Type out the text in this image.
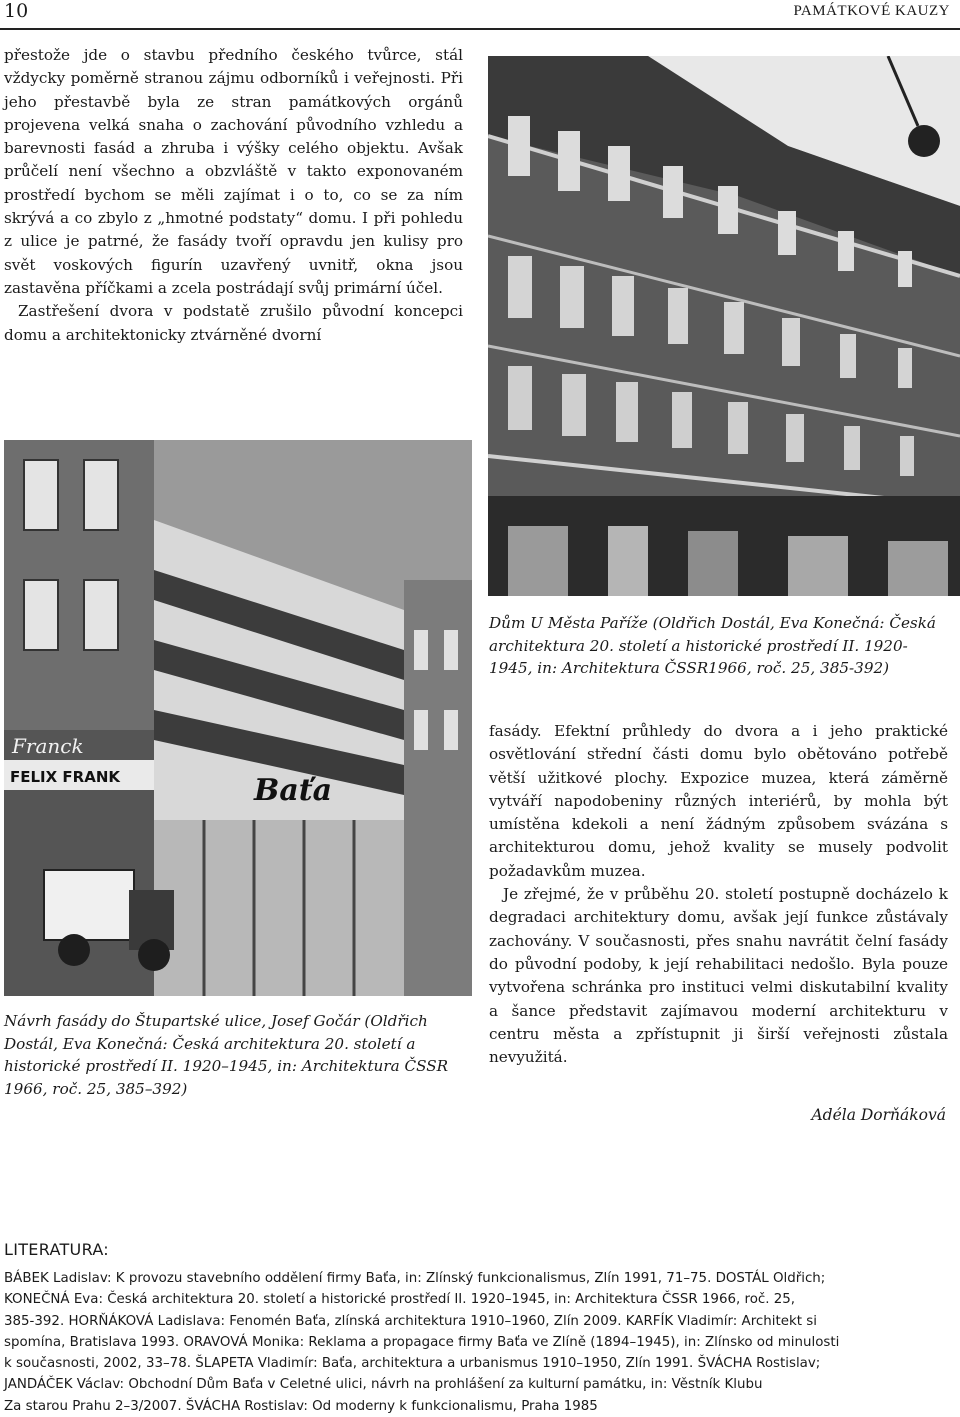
10	PAMÁTKOVÉ KAUZY

přestože jde o stavbu předního českého tvůrce, stál vždycky poměrně stranou zájmu odborníků i veřejnosti. Při jeho přestavbě byla ze stran památkových orgánů projevena velká snaha o zachování původního vzhledu a barevnosti fasád a zhruba i výšky celého objektu. Avšak průčelí není všechno a obzvláště v takto exponovaném prostředí bychom se měli zajímat i o to, co se za ním skrývá a co zbylo z „hmotné podstaty“ domu. I při pohledu z ulice je patrné, že fasády tvoří opravdu jen kulisy pro svět voskových figurín uzavřený uvnitř, okna jsou zastavěna příčkami a zcela postrádají svůj primární účel.

Zastřešení dvora v podstatě zrušilo původní koncepci domu a architektonicky ztvárněné dvorní

Dům U Města Paříže (Oldřich Dostál, Eva Konečná: Česká architektura 20. století a historické prostředí II. 1920-1945, in: Architektura ČSSR1966, roč. 25, 385-392)
Franck
FELIX FRANK	Baťa
Návrh fasády do Štupartské ulice, Josef Gočár (Oldřich Dostál, Eva Konečná: Česká architektura 20. století a historické prostředí II. 1920–1945, in: Architektura ČSSR 1966, roč. 25, 385–392)

fasády. Efektní průhledy do dvora a i jeho praktické osvětlování střední části domu bylo obětováno potřebě větší užitkové plochy. Expozice muzea, která záměrně vytváří napodobeniny různých interiérů, by mohla být umístěna kdekoli a není žádným způsobem svázána s architekturou domu, jehož kvality se musely podvolit požadavkům muzea.

Je zřejmé, že v průběhu 20. století postupně docházelo k degradaci architektury domu, avšak její funkce zůstávaly zachovány. V současnosti, přes snahu navrátit čelní fasády do původní podoby, k její rehabilitaci nedošlo. Byla pouze vytvořena schránka pro instituci velmi diskutabilní kvality a šance představit zajímavou moderní architekturu v centru města a zpřístupnit ji širší veřejnosti zůstala nevyužitá.

Adéla Dorňáková
LITERATURA:
BÁBEK Ladislav: K provozu stavebního oddělení firmy Baťa, in: Zlínský funkcionalismus, Zlín 1991, 71–75. DOSTÁL Oldřich;
KONEČNÁ Eva: Česká architektura 20. století a historické prostředí II. 1920–1945, in: Architektura ČSSR 1966, roč. 25,
385-392. HORŇÁKOVÁ Ladislava: Fenomén Baťa, zlínská architektura 1910–1960, Zlín 2009. KARFÍK Vladimír: Architekt si
spomína, Bratislava 1993. ORAVOVÁ Monika: Reklama a propagace firmy Baťa ve Zlíně (1894–1945), in: Zlínsko od minulosti
k současnosti, 2002, 33–78. ŠLAPETA Vladimír: Baťa, architektura a urbanismus 1910–1950, Zlín 1991. ŠVÁCHA Rostislav;
JANDÁČEK Václav: Obchodní Dům Baťa v Celetné ulici, návrh na prohlášení za kulturní památku, in: Věstník Klubu
Za starou Prahu 2–3/2007. ŠVÁCHA Rostislav: Od moderny k funkcionalismu, Praha 1985
